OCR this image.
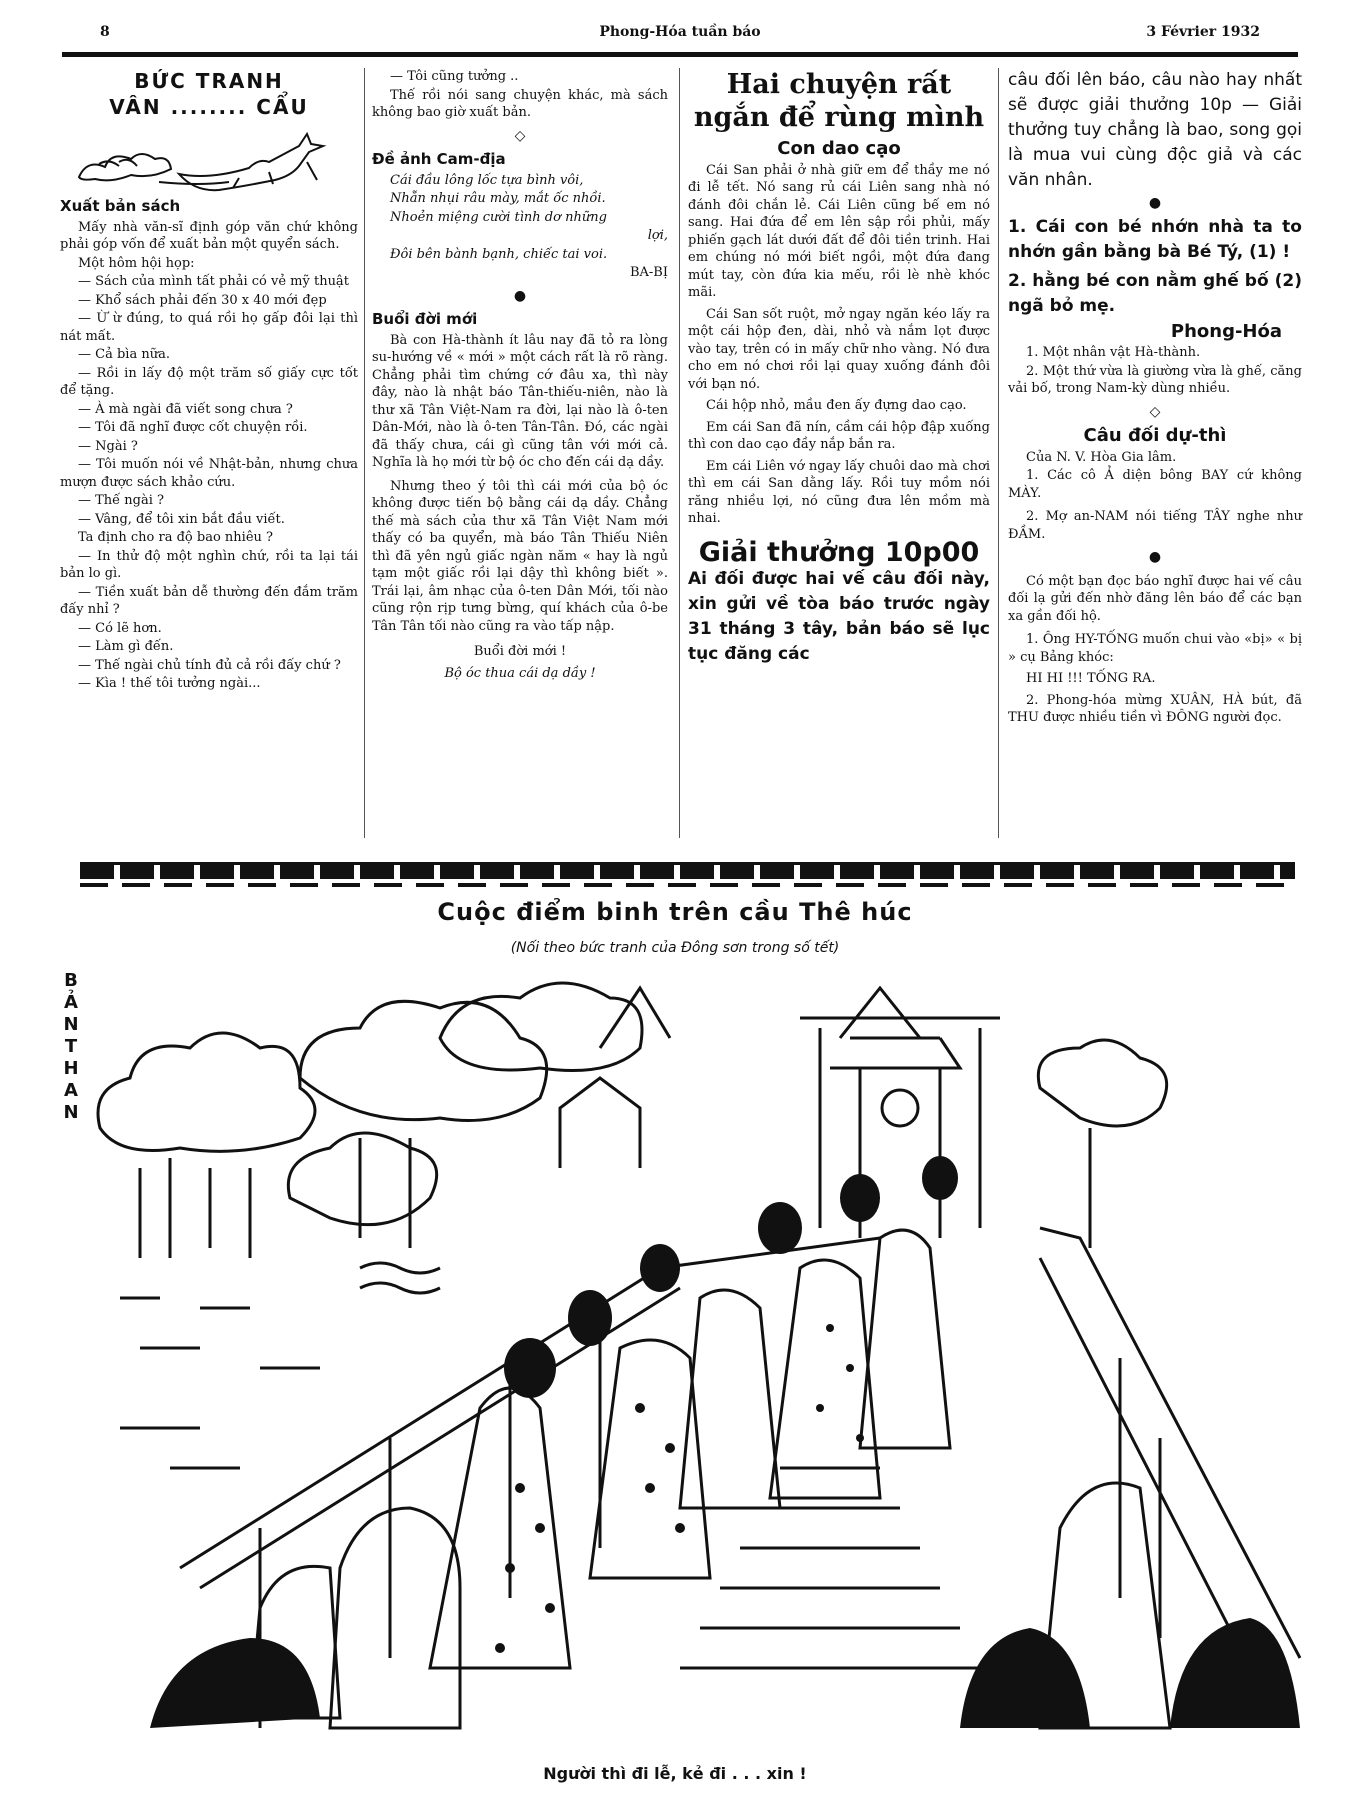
8	Phong-Hóa tuần báo	3 Février 1932
BỨC TRANH
VÂN ........ CẨU
Xuất bản sách

Mấy nhà văn-sĩ định góp văn chứ không phải góp vốn để xuất bản một quyển sách.

Một hôm hội họp:

— Sách của mình tất phải có vẻ mỹ thuật

— Khổ sách phải đến 30 x 40 mới đẹp

— Ừ ừ đúng, to quá rồi họ gấp đôi lại thì nát mất.

— Cả bìa nữa.

— Rồi in lấy độ một trăm số giấy cực tốt để tặng.

— À mà ngài đã viết song chưa ?

— Tôi đã nghĩ được cốt chuyện rồi.

— Ngài ?

— Tôi muốn nói về Nhật-bản, nhưng chưa mượn được sách khảo cứu.

— Thế ngài ?

— Vâng, để tôi xin bắt đầu viết.

Ta định cho ra độ bao nhiêu ?

— In thử độ một nghìn chứ, rồi ta lại tái bản lo gì.

— Tiền xuất bản dễ thường đến đắm trăm đấy nhỉ ?

— Có lẽ hơn.

— Làm gì đến.

— Thế ngài chủ tính đủ cả rồi đấy chứ ?

— Kìa ! thế tôi tưởng ngài...

— Tôi cũng tưởng ..

Thế rồi nói sang chuyện khác, mà sách không bao giờ xuất bản.

◇
Đề ảnh Cam-địa

Cái đầu lông lốc tựa bình vôi,

Nhẵn nhụi râu mày, mắt ốc nhồi.

Nhoẻn miệng cười tình dơ những

lợi,

Đôi bên bành bạnh, chiếc tai voi.

BA-BỊ

●
Buổi đời mới

Bà con Hà-thành ít lâu nay đã tỏ ra lòng su-hướng về « mới » một cách rất là rõ ràng. Chẳng phải tìm chứng cớ đâu xa, thì này đây, nào là nhật báo Tân-thiếu-niên, nào là thư xã Tân Việt-Nam ra đời, lại nào là ô-ten Dân-Mới, nào là ô-ten Tân-Tân. Đó, các ngài đã thấy chưa, cái gì cũng tân với mới cả. Nghĩa là họ mới từ bộ óc cho đến cái dạ dầy.

Nhưng theo ý tôi thì cái mới của bộ óc không được tiến bộ bằng cái dạ dầy. Chẳng thế mà sách của thư xã Tân Việt Nam mới thấy có ba quyển, mà báo Tân Thiếu Niên thì đã yên ngủ giấc ngàn năm « hay là ngủ tạm một giấc rồi lại dậy thì không biết ». Trái lại, âm nhạc của ô-ten Dân Mới, tối nào cũng rộn rịp tưng bừng, quí khách của ô-be Tân Tân tối nào cũng ra vào tấp nập.

Buổi đời mới !

Bộ óc thua cái dạ dầy !

Hai chuyện rất ngắn để rùng mình
Con dao cạo

Cái San phải ở nhà giữ em để thầy me nó đi lễ tết. Nó sang rủ cái Liên sang nhà nó đánh đôi chắn lẻ. Cái Liên cũng bế em nó sang. Hai đứa để em lên sập rồi phủi, mấy phiến gạch lát dưới đất để đôi tiền trinh. Hai em chúng nó mới biết ngồi, một đứa đang mút tay, còn đứa kia mếu, rồi lè nhè khóc mãi.

Cái San sốt ruột, mở ngay ngăn kéo lấy ra một cái hộp đen, dài, nhỏ và nắm lọt được vào tay, trên có in mấy chữ nho vàng. Nó đưa cho em nó chơi rồi lại quay xuống đánh đôi với bạn nó.

Cái hộp nhỏ, mầu đen ấy đựng dao cạo.

Em cái San đã nín, cầm cái hộp đập xuống thì con dao cạo đầy nắp bắn ra.

Em cái Liên vớ ngay lấy chuôi dao mà chơi thì em cái San dằng lấy. Rồi tuy mồm nói răng nhiều lợi, nó cũng đưa lên mồm mà nhai.

Giải thưởng 10p00

Ai đối được hai vế câu đối này, xin gửi về tòa báo trước ngày 31 tháng 3 tây, bản báo sẽ lục tục đăng các

câu đối lên báo, câu nào hay nhất sẽ được giải thưởng 10p — Giải thưởng tuy chẳng là bao, song gọi là mua vui cùng độc giả và các văn nhân.

●

1. Cái con bé nhớn nhà ta to nhớn gần bằng bà Bé Tý, (1) !

2. hằng bé con nằm ghế bố (2) ngã bỏ mẹ.

Phong-Hóa

1. Một nhân vật Hà-thành.

2. Một thứ vừa là giường vừa là ghế, căng vải bố, trong Nam-kỳ dùng nhiều.

◇
Câu đối dự-thì

Của N. V. Hòa Gia lâm.

1. Các cô Ả diện bông BAY cứ không MÀY.

2. Mợ an-NAM nói tiếng TÂY nghe như ĐẦM.

●

Có một bạn đọc báo nghĩ được hai vế câu đối lạ gửi đến nhờ đăng lên báo để các bạn xa gần đối hộ.

1. Ông HY-TỐNG muốn chui vào «bị» « bị » cụ Bảng khóc:

HI HI !!! TỐNG RA.

2. Phong-hóa mừng XUÂN, HÀ bút, đã THU được nhiều tiền vì ĐÔNG người đọc.

Cuộc điểm binh trên cầu Thê húc
(Nối theo bức tranh của Đông sơn trong số tết)
B
Ả
N
T
H
A
N
Người thì đi lễ, kẻ đi . . . xin !
